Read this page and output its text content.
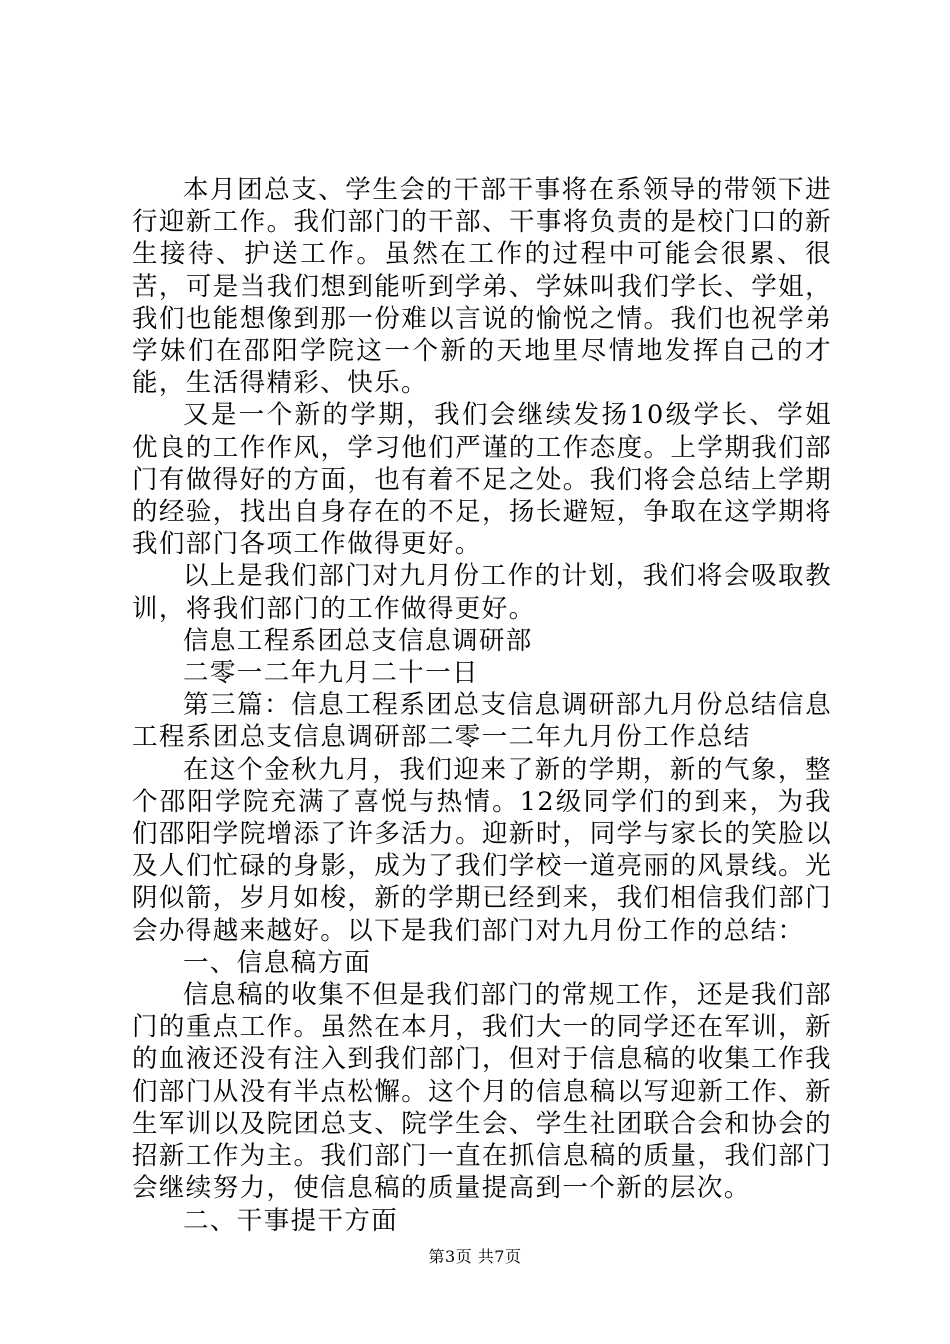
本月团总支、学生会的干部干事将在系领导的带领下进行迎新工作。我们部门的干部、干事将负责的是校门口的新生接待、护送工作。虽然在工作的过程中可能会很累、很苦，可是当我们想到能听到学弟、学妹叫我们学长、学姐，我们也能想像到那一份难以言说的愉悦之情。我们也祝学弟学妹们在邵阳学院这一个新的天地里尽情地发挥自己的才能，生活得精彩、快乐。

又是一个新的学期，我们会继续发扬10级学长、学姐优良的工作作风，学习他们严谨的工作态度。上学期我们部门有做得好的方面，也有着不足之处。我们将会总结上学期的经验，找出自身存在的不足，扬长避短，争取在这学期将我们部门各项工作做得更好。

以上是我们部门对九月份工作的计划，我们将会吸取教训，将我们部门的工作做得更好。

信息工程系团总支信息调研部

二零一二年九月二十一日

第三篇：信息工程系团总支信息调研部九月份总结信息工程系团总支信息调研部二零一二年九月份工作总结

在这个金秋九月，我们迎来了新的学期，新的气象，整个邵阳学院充满了喜悦与热情。12级同学们的到来，为我们邵阳学院增添了许多活力。迎新时，同学与家长的笑脸以及人们忙碌的身影，成为了我们学校一道亮丽的风景线。光阴似箭，岁月如梭，新的学期已经到来，我们相信我们部门会办得越来越好。以下是我们部门对九月份工作的总结：

一、信息稿方面

信息稿的收集不但是我们部门的常规工作，还是我们部门的重点工作。虽然在本月，我们大一的同学还在军训，新的血液还没有注入到我们部门，但对于信息稿的收集工作我们部门从没有半点松懈。这个月的信息稿以写迎新工作、新生军训以及院团总支、院学生会、学生社团联合会和协会的招新工作为主。我们部门一直在抓信息稿的质量，我们部门会继续努力，使信息稿的质量提高到一个新的层次。

二、干事提干方面

第3页 共7页
